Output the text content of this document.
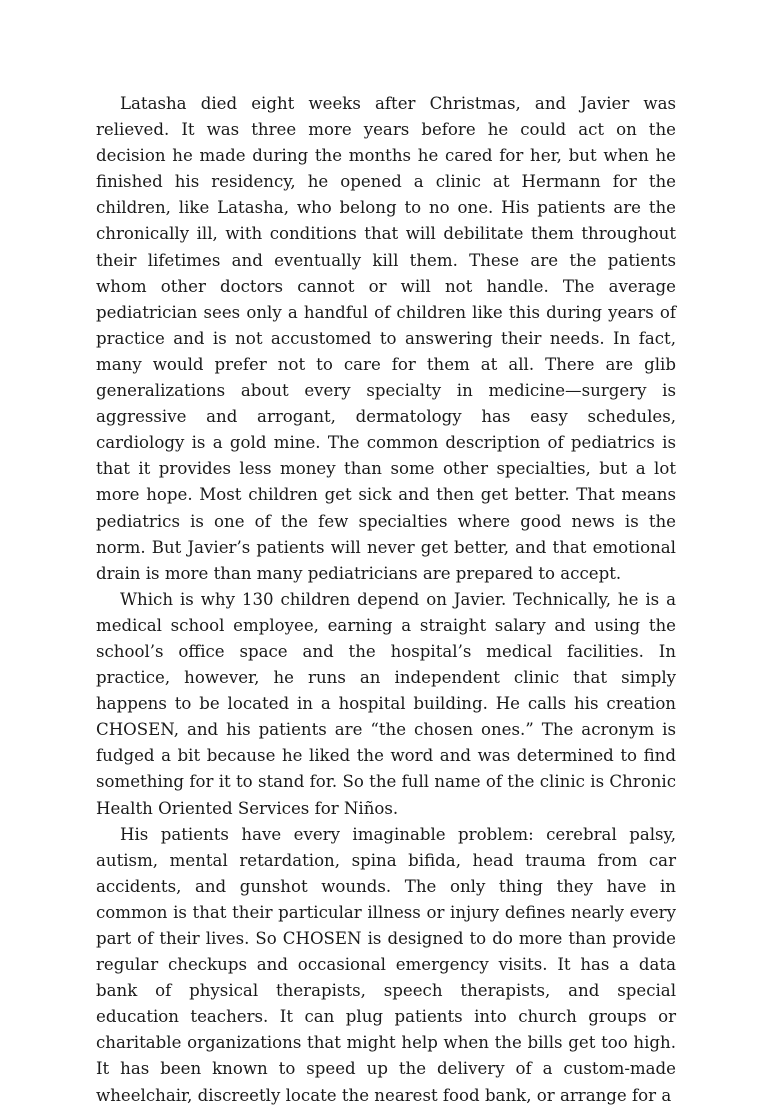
Latasha died eight weeks after Christmas, and Javier was relieved. It was three more years before he could act on the decision he made during the months he cared for her, but when he finished his residency, he opened a clinic at Hermann for the children, like Latasha, who belong to no one. His patients are the chronically ill, with conditions that will debilitate them throughout their lifetimes and eventually kill them. These are the patients whom other doctors cannot or will not handle. The average pediatrician sees only a handful of children like this during years of practice and is not accustomed to answering their needs. In fact, many would prefer not to care for them at all. There are glib generalizations about every specialty in medicine—surgery is aggressive and arrogant, dermatology has easy schedules, cardiology is a gold mine. The common description of pediatrics is that it provides less money than some other specialties, but a lot more hope. Most children get sick and then get better. That means pediatrics is one of the few specialties where good news is the norm. But Javier’s patients will never get better, and that emotional drain is more than many pediatricians are prepared to accept.

Which is why 130 children depend on Javier. Technically, he is a medical school employee, earning a straight salary and using the school’s office space and the hospital’s medical facilities. In practice, however, he runs an independent clinic that simply happens to be located in a hospital building. He calls his creation CHOSEN, and his patients are “the chosen ones.” The acronym is fudged a bit because he liked the word and was determined to find something for it to stand for. So the full name of the clinic is Chronic Health Oriented Services for Niños.

His patients have every imaginable problem: cerebral palsy, autism, mental retardation, spina bifida, head trauma from car accidents, and gunshot wounds. The only thing they have in common is that their particular illness or injury defines nearly every part of their lives. So CHOSEN is designed to do more than provide regular checkups and occasional emergency visits. It has a data bank of physical therapists, speech therapists, and special education teachers. It can plug patients into church groups or charitable organizations that might help when the bills get too high. It has been known to speed up the delivery of a custom-made wheelchair, discreetly locate the nearest food bank, or arrange for a
